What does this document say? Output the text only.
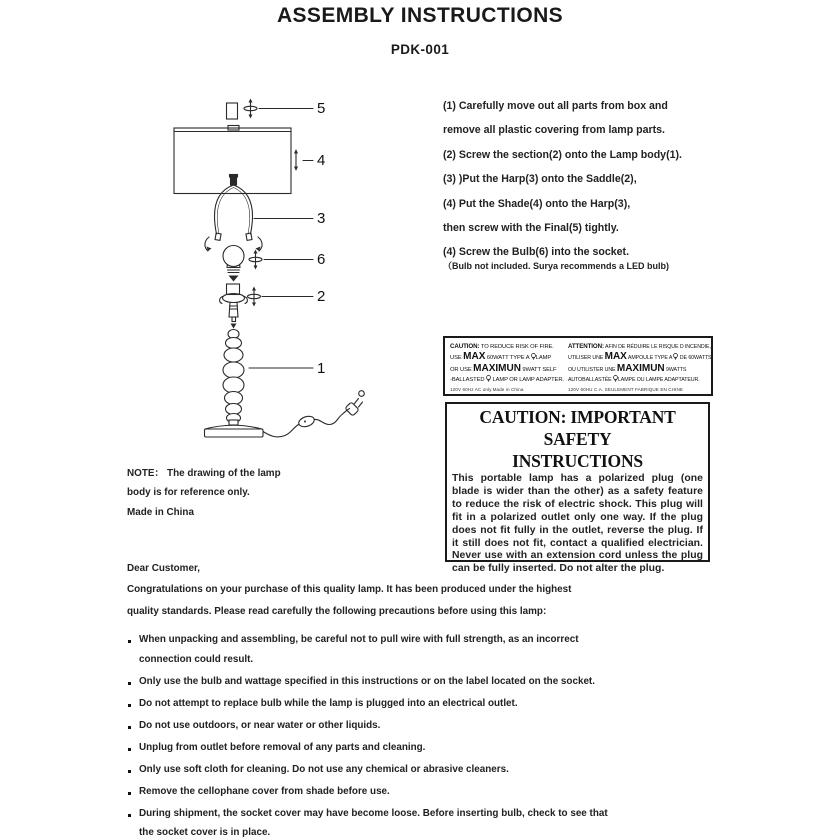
ASSEMBLY INSTRUCTIONS
PDK-001
5
4
3
6
2
1
(1) Carefully move out all parts from box and
remove all plastic covering from lamp parts.
(2) Screw the section(2) onto the Lamp body(1).
(3) )Put the Harp(3) onto the Saddle(2),
(4) Put the Shade(4) onto the Harp(3),
then screw with the Final(5) tightly.
(4) Screw the Bulb(6) into the socket.
（Bulb not included. Surya recommends a LED bulb)
CAUTION: TO REDUCE RISK OF FIRE.
USE MAX 60WATT TYPE A LAMP
OR USE MAXIMUN 9WATT SELF
-BALLASTED  LAMP OR LAMP ADAPTER.
120V 60Hz AC only.Made in China
ATTENTION: AFIN DE RÉDUIRE LE RISQUE D INCENDIE,
UTILISER UNE MAX AMPOULE TYPE A  DE 60WATTS
OU UTILISTER UNE MAXIMUN 9WATTS
AUTOBALLASTÉE LAMPE OU LAMPE ADAPTATEUR.
120V 60HU C.A. SEULEMENT FABRIQUE EN CHINE
CAUTION: IMPORTANT SAFETY
INSTRUCTIONS
This portable lamp has a polarized plug (one blade is wider than the other) as a safety feature to reduce the risk of electric shock. This plug will fit in a polarized outlet only one way. If the plug does not fit fully in the outlet, reverse the plug. If it still does not fit, contact a qualified electrician. Never use with an extension cord unless the plug can be fully inserted. Do not alter the plug.
NOTE： The drawing of the lamp
body is for reference only.
Made in China
Dear Customer,
Congratulations on your purchase of this quality lamp. It has been produced under the highest
quality standards. Please read carefully the following precautions before using this lamp:
When unpacking and assembling, be careful not to pull wire with full strength, as an incorrect connection could result.
Only use the bulb and wattage specified in this instructions or on the label located on the socket.
Do not attempt to replace bulb while the lamp is plugged into an electrical outlet.
Do not use outdoors, or near water or other liquids.
Unplug from outlet before removal of any parts and cleaning.
Only use soft cloth for cleaning. Do not use any chemical or abrasive cleaners.
Remove the cellophane cover from shade before use.
During shipment, the socket cover may have become loose. Before inserting bulb, check to see that the socket cover is in place.
